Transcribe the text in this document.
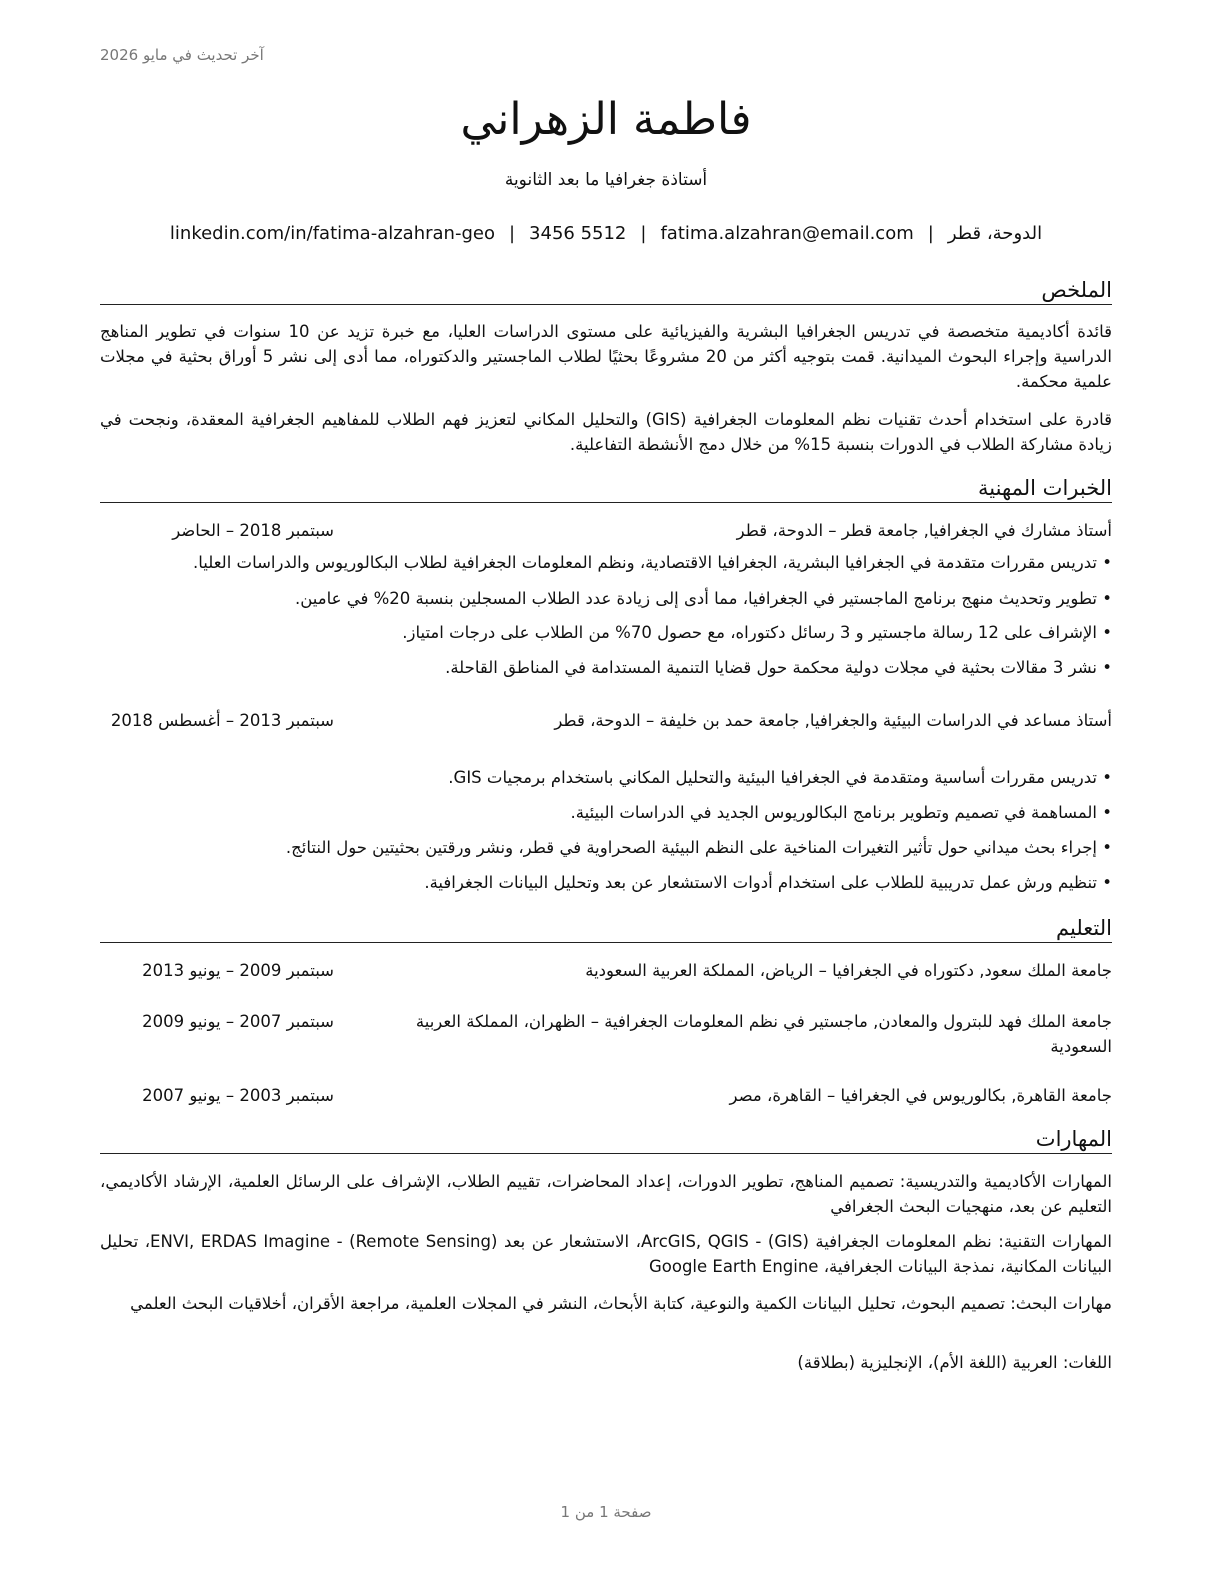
آخر تحديث في مايو 2026
فاطمة الزهراني

أستاذة جغرافيا ما بعد الثانوية

الدوحة، قطر|fatima.alzahran@email.com|3456 5512|linkedin.com/in/fatima-alzahran-geo
الملخص

قائدة أكاديمية متخصصة في تدريس الجغرافيا البشرية والفيزيائية على مستوى الدراسات العليا، مع خبرة تزيد عن 10 سنوات في تطوير المناهج الدراسية وإجراء البحوث الميدانية. قمت بتوجيه أكثر من 20 مشروعًا بحثيًا لطلاب الماجستير والدكتوراه، مما أدى إلى نشر 5 أوراق بحثية في مجلات علمية محكمة.

قادرة على استخدام أحدث تقنيات نظم المعلومات الجغرافية (GIS) والتحليل المكاني لتعزيز فهم الطلاب للمفاهيم الجغرافية المعقدة، ونجحت في زيادة مشاركة الطلاب في الدورات بنسبة 15% من خلال دمج الأنشطة التفاعلية.

الخبرات المهنية
أستاذ مشارك في الجغرافيا, جامعة قطر – الدوحة، قطر
سبتمبر 2018 – الحاضر
• تدريس مقررات متقدمة في الجغرافيا البشرية، الجغرافيا الاقتصادية، ونظم المعلومات الجغرافية لطلاب البكالوريوس والدراسات العليا.
• تطوير وتحديث منهج برنامج الماجستير في الجغرافيا، مما أدى إلى زيادة عدد الطلاب المسجلين بنسبة 20% في عامين.
• الإشراف على 12 رسالة ماجستير و 3 رسائل دكتوراه، مع حصول 70% من الطلاب على درجات امتياز.
• نشر 3 مقالات بحثية في مجلات دولية محكمة حول قضايا التنمية المستدامة في المناطق القاحلة.
أستاذ مساعد في الدراسات البيئية والجغرافيا, جامعة حمد بن خليفة – الدوحة، قطر
سبتمبر 2013 – أغسطس 2018
• تدريس مقررات أساسية ومتقدمة في الجغرافيا البيئية والتحليل المكاني باستخدام برمجيات GIS.
• المساهمة في تصميم وتطوير برنامج البكالوريوس الجديد في الدراسات البيئية.
• إجراء بحث ميداني حول تأثير التغيرات المناخية على النظم البيئية الصحراوية في قطر، ونشر ورقتين بحثيتين حول النتائج.
• تنظيم ورش عمل تدريبية للطلاب على استخدام أدوات الاستشعار عن بعد وتحليل البيانات الجغرافية.
التعليم
جامعة الملك سعود, دكتوراه في الجغرافيا – الرياض، المملكة العربية السعودية
سبتمبر 2009 – يونيو 2013
جامعة الملك فهد للبترول والمعادن, ماجستير في نظم المعلومات الجغرافية – الظهران، المملكة العربية السعودية
سبتمبر 2007 – يونيو 2009
جامعة القاهرة, بكالوريوس في الجغرافيا – القاهرة، مصر
سبتمبر 2003 – يونيو 2007
المهارات

المهارات الأكاديمية والتدريسية: تصميم المناهج، تطوير الدورات، إعداد المحاضرات، تقييم الطلاب، الإشراف على الرسائل العلمية، الإرشاد الأكاديمي، التعليم عن بعد، منهجيات البحث الجغرافي

المهارات التقنية: نظم المعلومات الجغرافية (GIS) - ArcGIS, QGIS، الاستشعار عن بعد (Remote Sensing) - ENVI, ERDAS Imagine، تحليل البيانات المكانية، نمذجة البيانات الجغرافية، Google Earth Engine

مهارات البحث: تصميم البحوث، تحليل البيانات الكمية والنوعية، كتابة الأبحاث، النشر في المجلات العلمية، مراجعة الأقران، أخلاقيات البحث العلمي

اللغات: العربية (اللغة الأم)، الإنجليزية (بطلاقة)

صفحة 1 من 1
